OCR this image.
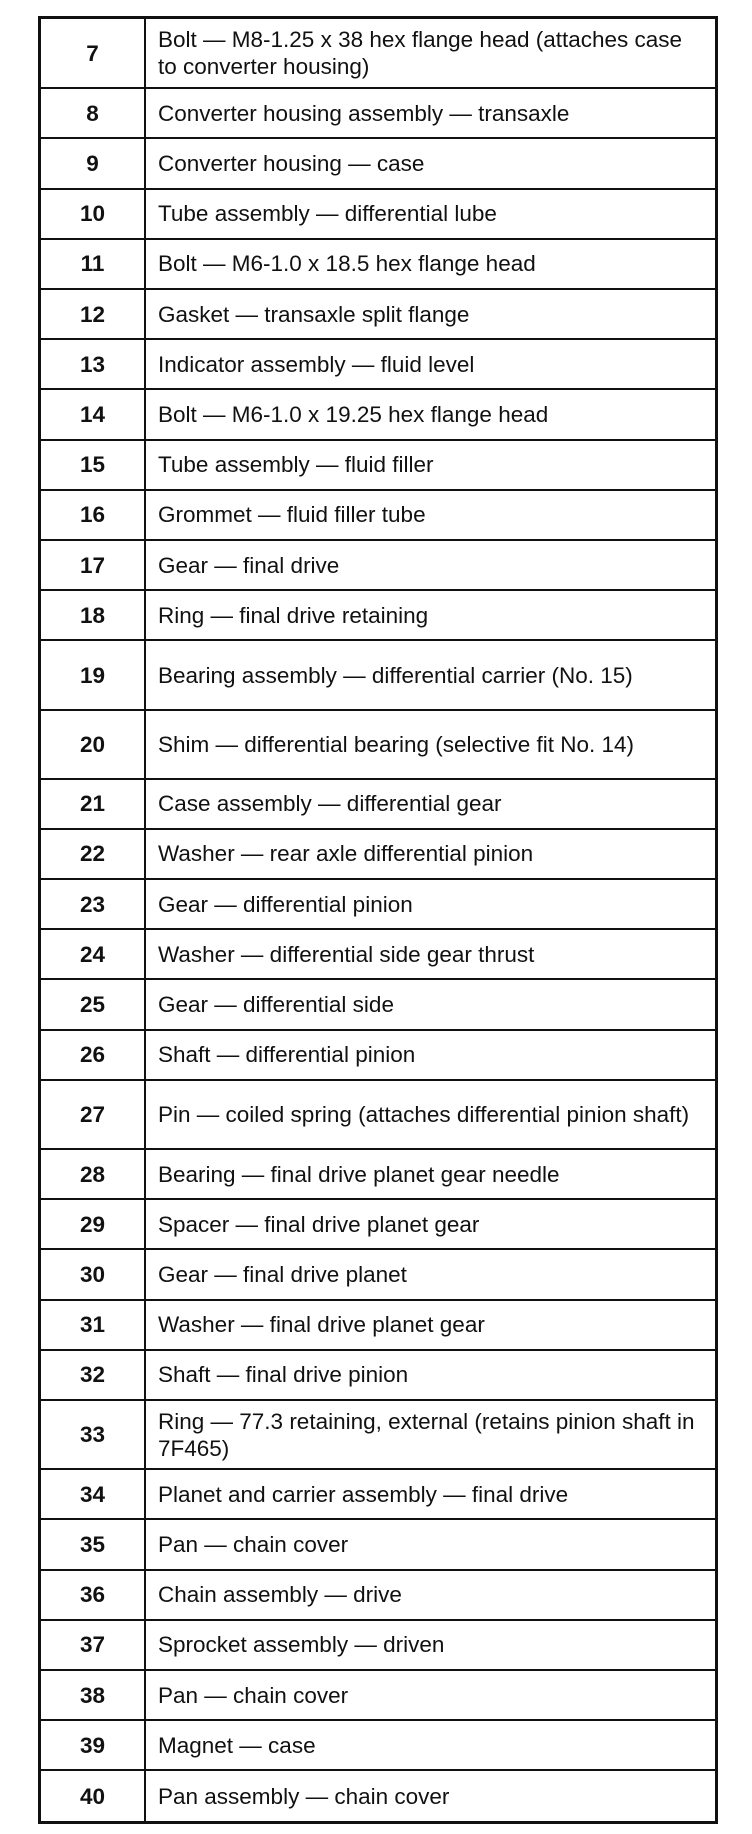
7	Bolt — M8-1.25 x 38 hex flange head (attaches case to converter housing)
8	Converter housing assembly — transaxle
9	Converter housing — case
10	Tube assembly — differential lube
11	Bolt — M6-1.0 x 18.5 hex flange head
12	Gasket — transaxle split flange
13	Indicator assembly — fluid level
14	Bolt — M6-1.0 x 19.25 hex flange head
15	Tube assembly — fluid filler
16	Grommet — fluid filler tube
17	Gear — final drive
18	Ring — final drive retaining
19	Bearing assembly — differential carrier (No. 15)
20	Shim — differential bearing (selective fit No. 14)
21	Case assembly — differential gear
22	Washer — rear axle differential pinion
23	Gear — differential pinion
24	Washer — differential side gear thrust
25	Gear — differential side
26	Shaft — differential pinion
27	Pin — coiled spring (attaches differential pinion shaft)
28	Bearing — final drive planet gear needle
29	Spacer — final drive planet gear
30	Gear — final drive planet
31	Washer — final drive planet gear
32	Shaft — final drive pinion
33	Ring — 77.3 retaining, external (retains pinion shaft in 7F465)
34	Planet and carrier assembly — final drive
35	Pan — chain cover
36	Chain assembly — drive
37	Sprocket assembly — driven
38	Pan — chain cover
39	Magnet — case
40	Pan assembly — chain cover
